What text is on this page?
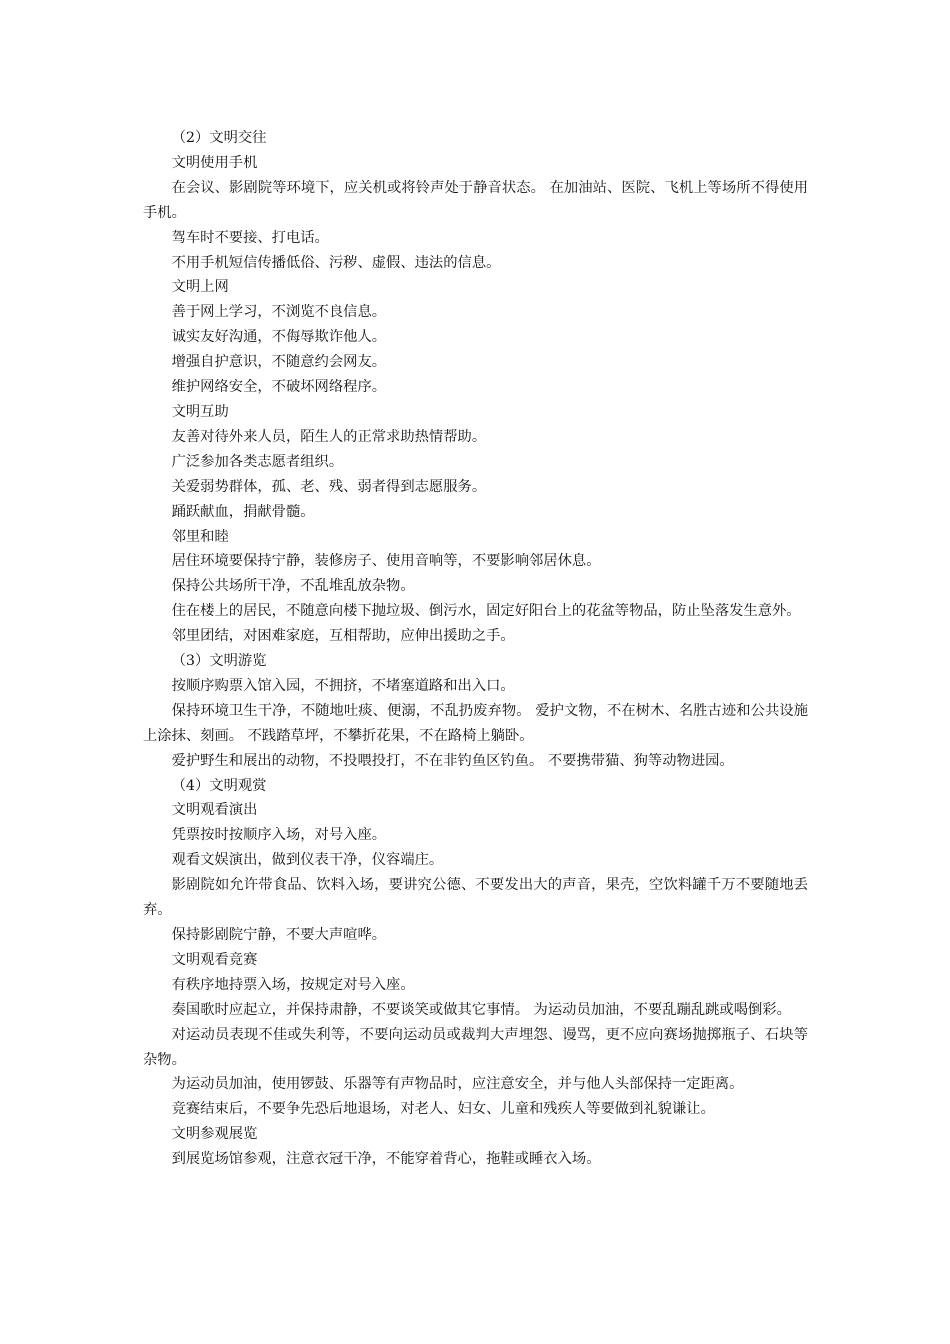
（2）文明交往

文明使用手机

在会议、影剧院等环境下，应关机或将铃声处于静音状态。 在加油站、医院、飞机上等场所不得使用手机。

驾车时不要接、打电话。

不用手机短信传播低俗、污秽、虚假、违法的信息。

文明上网

善于网上学习，不浏览不良信息。

诚实友好沟通，不侮辱欺诈他人。

增强自护意识，不随意约会网友。

维护网络安全，不破坏网络程序。

文明互助

友善对待外来人员，陌生人的正常求助热情帮助。

广泛参加各类志愿者组织。

关爱弱势群体，孤、老、残、弱者得到志愿服务。

踊跃献血，捐献骨髓。

邻里和睦

居住环境要保持宁静，装修房子、使用音响等，不要影响邻居休息。

保持公共场所干净，不乱堆乱放杂物。

住在楼上的居民，不随意向楼下抛垃圾、倒污水，固定好阳台上的花盆等物品，防止坠落发生意外。

邻里团结，对困难家庭，互相帮助，应伸出援助之手。

（3）文明游览

按顺序购票入馆入园，不拥挤，不堵塞道路和出入口。

保持环境卫生干净，不随地吐痰、便溺，不乱扔废弃物。 爱护文物，不在树木、名胜古迹和公共设施上涂抹、刻画。 不践踏草坪，不攀折花果，不在路椅上躺卧。

爱护野生和展出的动物，不投喂投打，不在非钓鱼区钓鱼。 不要携带猫、狗等动物进园。

（4）文明观赏

文明观看演出

凭票按时按顺序入场，对号入座。

观看文娱演出，做到仪表干净，仪容端庄。

影剧院如允许带食品、饮料入场，要讲究公德、不要发出大的声音，果壳，空饮料罐千万不要随地丢弃。

保持影剧院宁静，不要大声喧哗。

文明观看竞赛

有秩序地持票入场，按规定对号入座。

奏国歌时应起立，并保持肃静，不要谈笑或做其它事情。 为运动员加油，不要乱蹦乱跳或喝倒彩。

对运动员表现不佳或失利等，不要向运动员或裁判大声埋怨、谩骂，更不应向赛场抛掷瓶子、石块等杂物。

为运动员加油，使用锣鼓、乐器等有声物品时，应注意安全，并与他人头部保持一定距离。

竞赛结束后，不要争先恐后地退场，对老人、妇女、儿童和残疾人等要做到礼貌谦让。

文明参观展览

到展览场馆参观，注意衣冠干净，不能穿着背心，拖鞋或睡衣入场。
